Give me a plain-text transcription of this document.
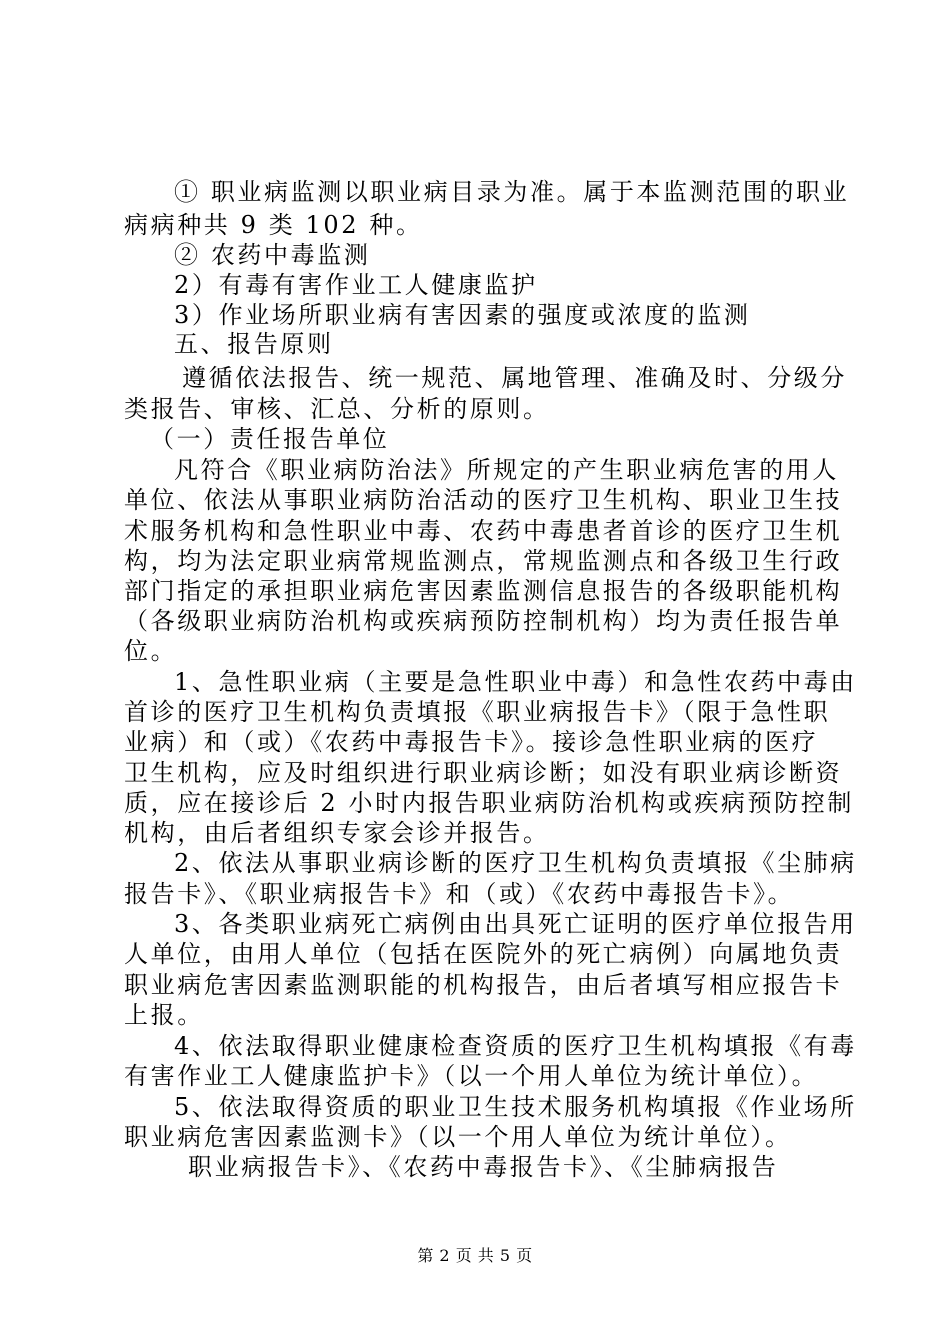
① 职业病监测以职业病目录为准。属于本监测范围的职业
病病种共 9 类 102 种。
② 农药中毒监测
2）有毒有害作业工人健康监护
3）作业场所职业病有害因素的强度或浓度的监测
五、报告原则
遵循依法报告、统一规范、属地管理、准确及时、分级分
类报告、审核、汇总、分析的原则。
（一）责任报告单位
凡符合《职业病防治法》所规定的产生职业病危害的用人
单位、依法从事职业病防治活动的医疗卫生机构、职业卫生技
术服务机构和急性职业中毒、农药中毒患者首诊的医疗卫生机
构，均为法定职业病常规监测点，常规监测点和各级卫生行政
部门指定的承担职业病危害因素监测信息报告的各级职能机构
（各级职业病防治机构或疾病预防控制机构）均为责任报告单
位。
1、急性职业病（主要是急性职业中毒）和急性农药中毒由
首诊的医疗卫生机构负责填报《职业病报告卡》（限于急性职
业病）和（或）《农药中毒报告卡》。接诊急性职业病的医疗
卫生机构，应及时组织进行职业病诊断；如没有职业病诊断资
质，应在接诊后 2 小时内报告职业病防治机构或疾病预防控制
机构，由后者组织专家会诊并报告。
2、依法从事职业病诊断的医疗卫生机构负责填报《尘肺病
报告卡》、《职业病报告卡》和（或）《农药中毒报告卡》。
3、各类职业病死亡病例由出具死亡证明的医疗单位报告用
人单位，由用人单位（包括在医院外的死亡病例）向属地负责
职业病危害因素监测职能的机构报告，由后者填写相应报告卡
上报。
4、依法取得职业健康检查资质的医疗卫生机构填报《有毒
有害作业工人健康监护卡》（以一个用人单位为统计单位）。
5、依法取得资质的职业卫生技术服务机构填报《作业场所
职业病危害因素监测卡》（以一个用人单位为统计单位）。
职业病报告卡》、《农药中毒报告卡》、《尘肺病报告
第 2 页 共 5 页
